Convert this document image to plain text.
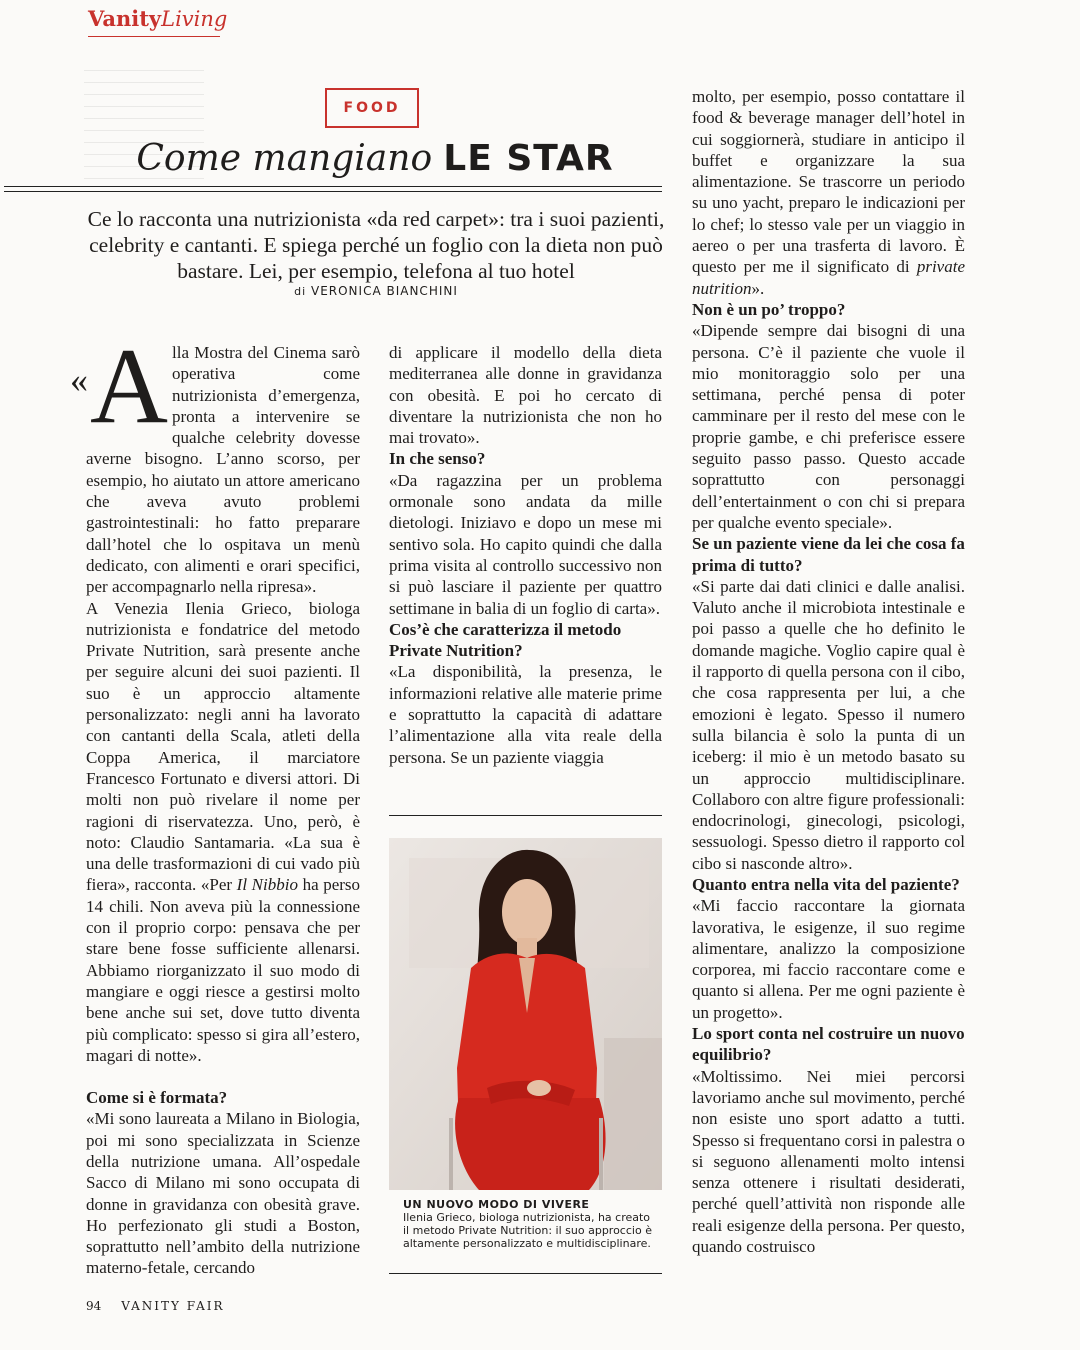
VanityLiving
FOOD
Come mangiano LE STAR

Ce lo racconta una nutrizionista «da red carpet»: tra i suoi pazienti, celebrity e cantanti. E spiega perché un foglio con la dieta non può bastare. Lei, per esempio, telefona al tuo hotel

di VERONICA BIANCHINI

« A lla Mostra del Cinema sarò operativa come nutrizionista d’emergenza, pronta a intervenire se qualche celebrity dovesse averne bisogno. L’anno scorso, per esempio, ho aiutato un attore americano che aveva avuto problemi gastrointestinali: ho fatto preparare dall’hotel che lo ospitava un menù dedicato, con alimenti e orari specifici, per accompagnarlo nella ripresa».

A Venezia Ilenia Grieco, biologa nutrizionista e fondatrice del metodo Private Nutrition, sarà presente anche per seguire alcuni dei suoi pazienti. Il suo è un approccio altamente personalizzato: negli anni ha lavorato con cantanti della Scala, atleti della Coppa America, il marciatore Francesco Fortunato e diversi attori. Di molti non può rivelare il nome per ragioni di riservatezza. Uno, però, è noto: Claudio Santamaria. «La sua è una delle trasformazioni di cui vado più fiera», racconta. «Per Il Nibbio ha perso 14 chili. Non aveva più la connessione con il proprio corpo: pensava che per stare bene fosse sufficiente allenarsi. Abbiamo riorganizzato il suo modo di mangiare e oggi riesce a gestirsi molto bene anche sui set, dove tutto diventa più complicato: spesso si gira all’estero, magari di notte».

Come si è formata?

«Mi sono laureata a Milano in Biologia, poi mi sono specializzata in Scienze della nutrizione umana. All’ospedale Sacco di Milano mi sono occupata di donne in gravidanza con obesità grave. Ho perfezionato gli studi a Boston, soprattutto nell’ambito della nutrizione materno-fetale, cercando

di applicare il modello della dieta mediterranea alle donne in gravidanza con obesità. E poi ho cercato di diventare la nutrizionista che non ho mai trovato».

In che senso?

«Da ragazzina per un problema ormonale sono andata da mille dietologi. Iniziavo e dopo un mese mi sentivo sola. Ho capito quindi che dalla prima visita al controllo successivo non si può lasciare il paziente per quattro settimane in balia di un foglio di carta».

Cos’è che caratterizza il metodo Private Nutrition?

«La disponibilità, la presenza, le informazioni relative alle materie prime e soprattutto la capacità di adattare l’alimentazione alla vita reale della persona. Se un paziente viaggia

UN NUOVO MODO DI VIVERE
Ilenia Grieco, biologa nutrizionista, ha creato il metodo Private Nutrition: il suo approccio è altamente personalizzato e multidisciplinare.

molto, per esempio, posso contattare il food & beverage manager dell’hotel in cui soggiornerà, studiare in anticipo il buffet e organizzare la sua alimentazione. Se trascorre un periodo su uno yacht, preparo le indicazioni per lo chef; lo stesso vale per un viaggio in aereo o per una trasferta di lavoro. È questo per me il significato di private nutrition».

Non è un po’ troppo?

«Dipende sempre dai bisogni di una persona. C’è il paziente che vuole il mio monitoraggio solo per una settimana, perché pensa di poter camminare per il resto del mese con le proprie gambe, e chi preferisce essere seguito passo passo. Questo accade soprattutto con personaggi dell’entertainment o con chi si prepara per qualche evento speciale».

Se un paziente viene da lei che cosa fa prima di tutto?

«Si parte dai dati clinici e dalle analisi. Valuto anche il microbiota intestinale e poi passo a quelle che ho definito le domande magiche. Voglio capire qual è il rapporto di quella persona con il cibo, che cosa rappresenta per lui, a che emozioni è legato. Spesso il numero sulla bilancia è solo la punta di un iceberg: il mio è un metodo basato su un approccio multidisciplinare. Collaboro con altre figure professionali: endocrinologi, ginecologi, psicologi, sessuologi. Spesso dietro il rapporto col cibo si nasconde altro».

Quanto entra nella vita del paziente?

«Mi faccio raccontare la giornata lavorativa, le esigenze, il suo regime alimentare, analizzo la composizione corporea, mi faccio raccontare come e quanto si allena. Per me ogni paziente è un progetto».

Lo sport conta nel costruire un nuovo equilibrio?

«Moltissimo. Nei miei percorsi lavoriamo anche sul movimento, perché non esiste uno sport adatto a tutti. Spesso si frequentano corsi in palestra o si seguono allenamenti molto intensi senza ottenere i risultati desiderati, perché quell’attività non risponde alle reali esigenze della persona. Per questo, quando costruisco

94 VANITY FAIR
